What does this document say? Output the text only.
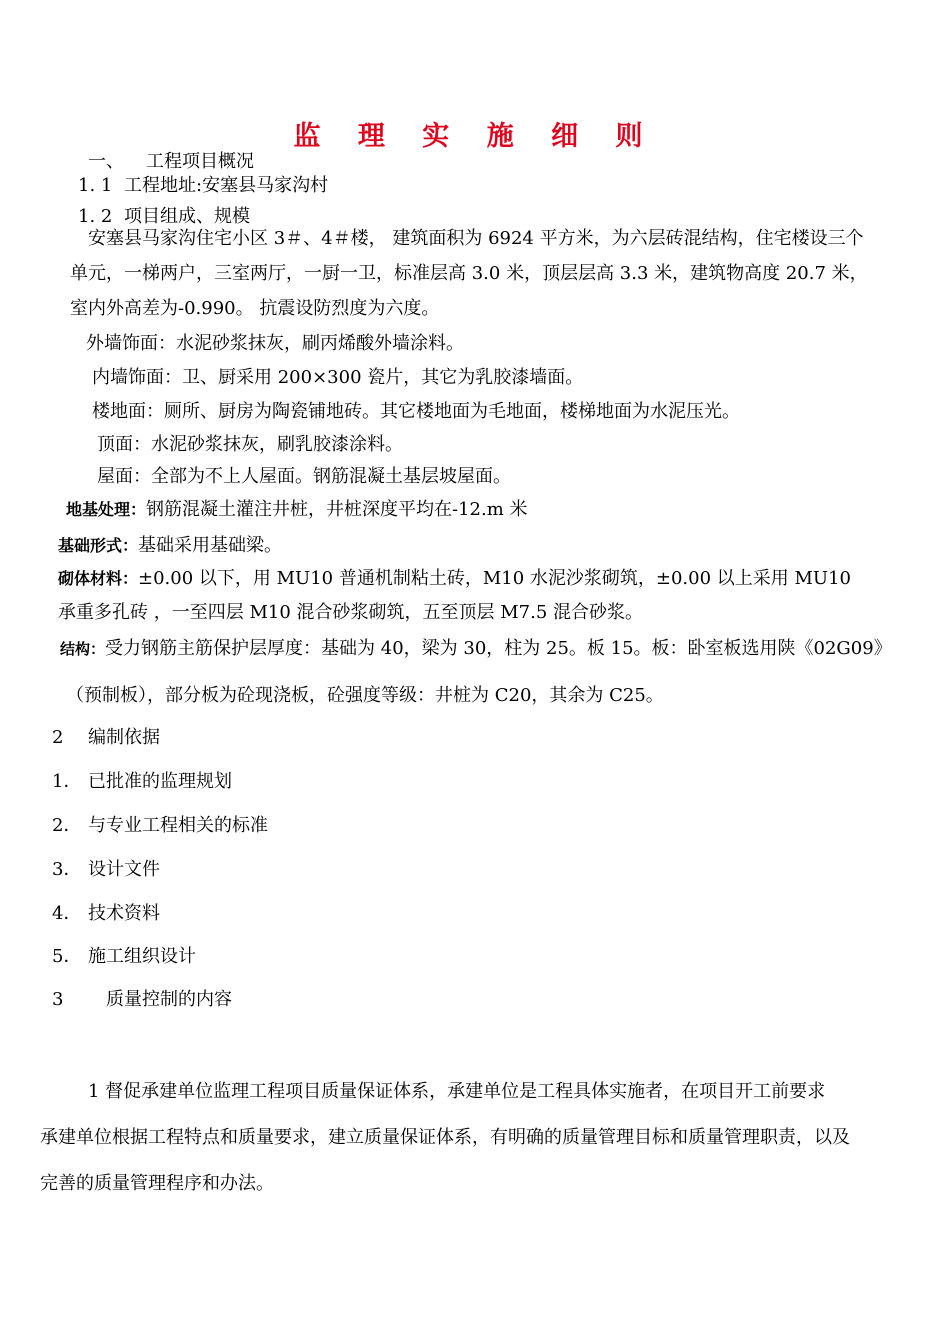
监 理 实 施 细 则
一、 工程项目概况
1. 1 工程地址:安塞县马家沟村
1. 2 项目组成、规模
安塞县马家沟住宅小区 3＃、4＃楼， 建筑面积为 6924 平方米，为六层砖混结构，住宅楼设三个
单元，一梯两户，三室两厅，一厨一卫，标准层高 3.0 米，顶层层高 3.3 米，建筑物高度 20.7 米，
室内外高差为-0.990。 抗震设防烈度为六度。
外墙饰面：水泥砂浆抹灰，刷丙烯酸外墙涂料。
内墙饰面：卫、厨采用 200×300 瓷片，其它为乳胶漆墙面。
楼地面：厕所、厨房为陶瓷铺地砖。其它楼地面为毛地面，楼梯地面为水泥压光。
顶面：水泥砂浆抹灰，刷乳胶漆涂料。
屋面：全部为不上人屋面。钢筋混凝土基层坡屋面。
地基处理：钢筋混凝土灌注井桩，井桩深度平均在-12.m 米
基础形式：基础采用基础梁。
砌体材料：±0.00 以下，用 MU10 普通机制粘土砖，M10 水泥沙浆砌筑，±0.00 以上采用 MU10
承重多孔砖 ，一至四层 M10 混合砂浆砌筑，五至顶层 M7.5 混合砂浆。
结构：受力钢筋主筋保护层厚度：基础为 40，梁为 30，柱为 25。板 15。板：卧室板选用陕《02G09》
（预制板），部分板为砼现浇板，砼强度等级：井桩为 C20，其余为 C25。
2 编制依据
1． 已批准的监理规划
2． 与专业工程相关的标准
3． 设计文件
4． 技术资料
5． 施工组织设计
3 质量控制的内容
1 督促承建单位监理工程项目质量保证体系，承建单位是工程具体实施者，在项目开工前要求
承建单位根据工程特点和质量要求，建立质量保证体系，有明确的质量管理目标和质量管理职责，以及
完善的质量管理程序和办法。
